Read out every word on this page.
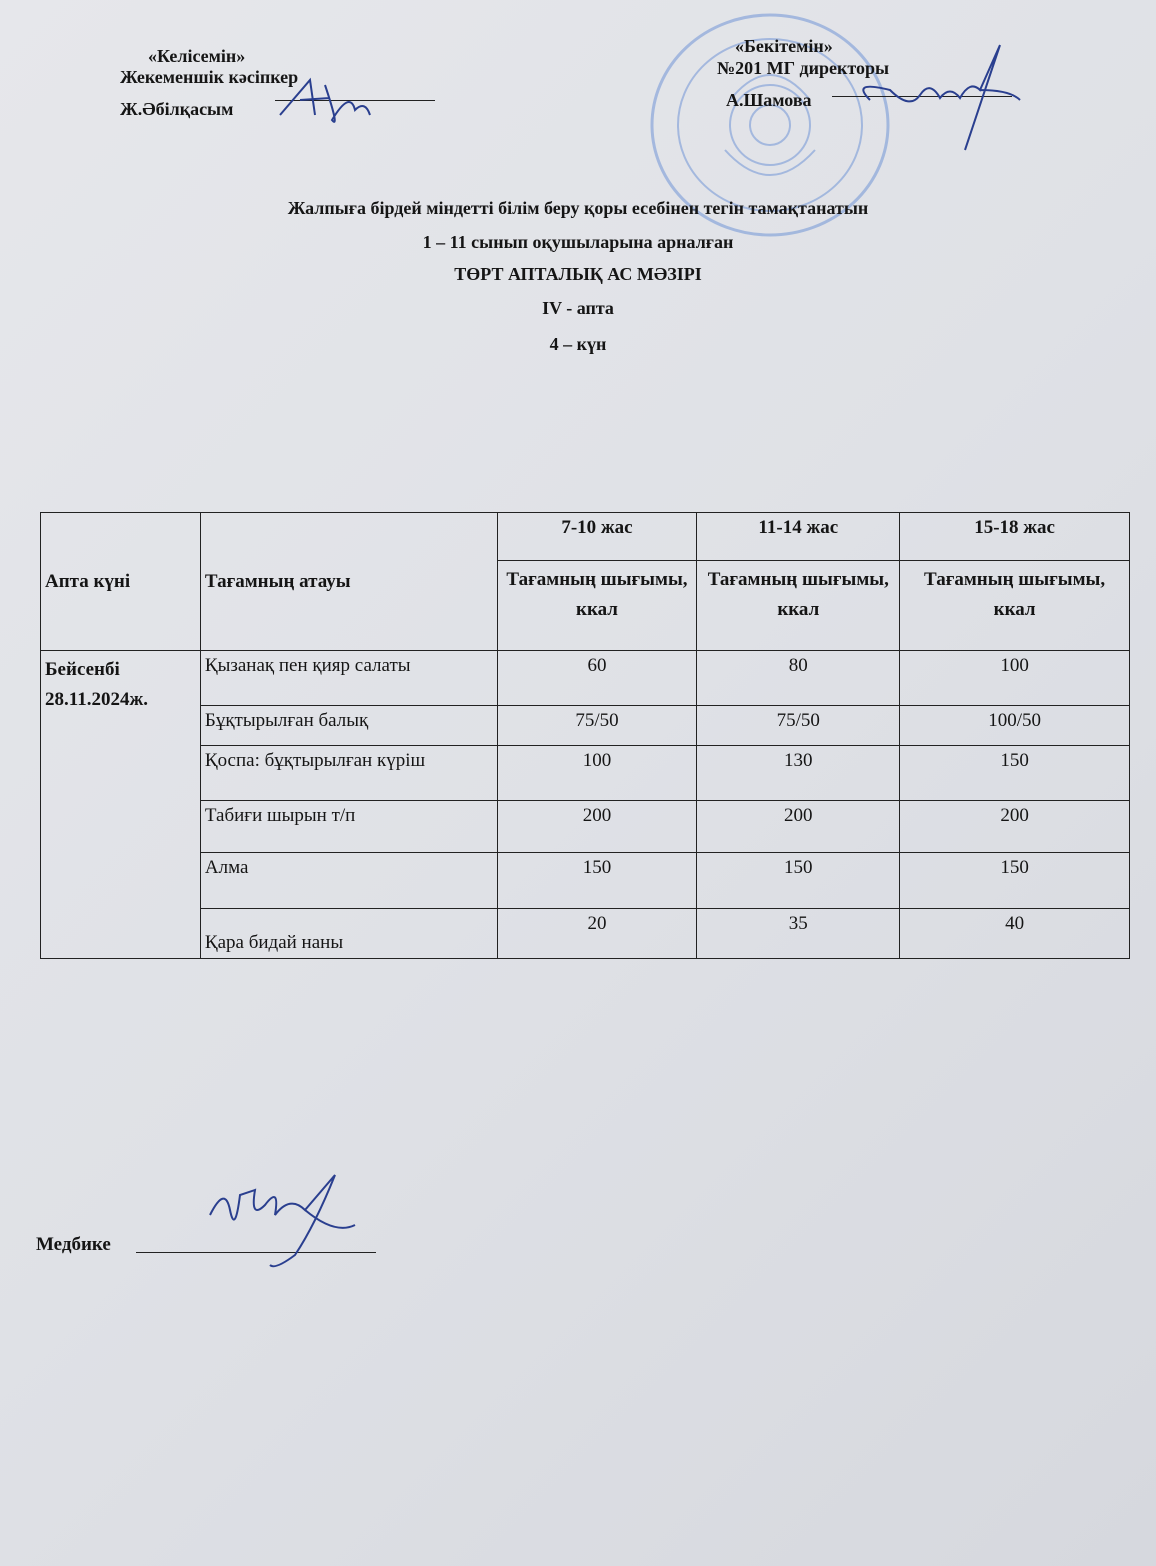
«Келісемін»
Жекеменшік кәсіпкер
Ж.Әбілқасым
«Бекітемін»
№201 МГ директоры
А.Шамова
Жалпыға бірдей міндетті білім беру қоры есебінен тегін тамақтанатын
1 – 11 сынып оқушыларына арналған
ТӨРТ АПТАЛЫҚ АС МӘЗІРІ
IV - апта
4 – күн
Апта күні	Тағамның атауы	7-10 жас	11-14 жас	15-18 жас
		Тағамның шығымы, ккал	Тағамның шығымы, ккал	Тағамның шығымы, ккал
Бейсенбі
28.11.2024ж.	Қызанақ пен қияр салаты	60	80	100
	Бұқтырылған балық	75/50	75/50	100/50
	Қоспа: бұқтырылған күріш	100	130	150
	Табиғи шырын т/п	200	200	200
	Алма	150	150	150
	Қара бидай наны	20	35	40
Медбике
